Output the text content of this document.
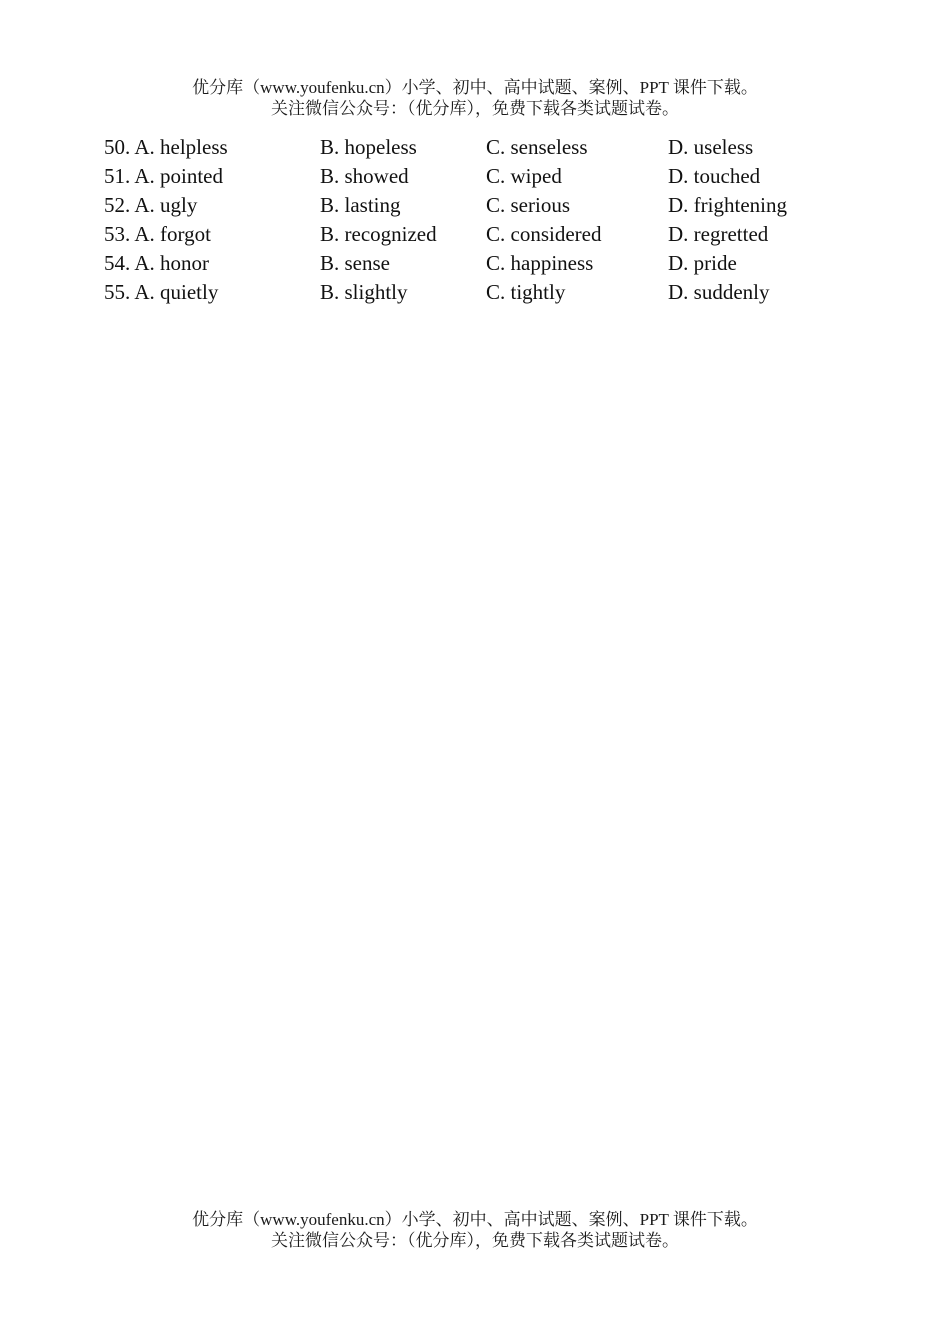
优分库（www.youfenku.cn）小学、初中、高中试题、案例、PPT 课件下载。
关注微信公众号：（优分库），免费下载各类试题试卷。
50. A. helpless	B. hopeless	C. senseless	D. useless
51. A. pointed	B. showed	C. wiped	D. touched
52. A. ugly	B. lasting	C. serious	D. frightening
53. A. forgot	B. recognized C. considered	D. regretted
54. A. honor	B. sense	C. happiness	D. pride
55. A. quietly	B. slightly	C. tightly	D. suddenly
优分库（www.youfenku.cn）小学、初中、高中试题、案例、PPT 课件下载。
关注微信公众号：（优分库），免费下载各类试题试卷。
